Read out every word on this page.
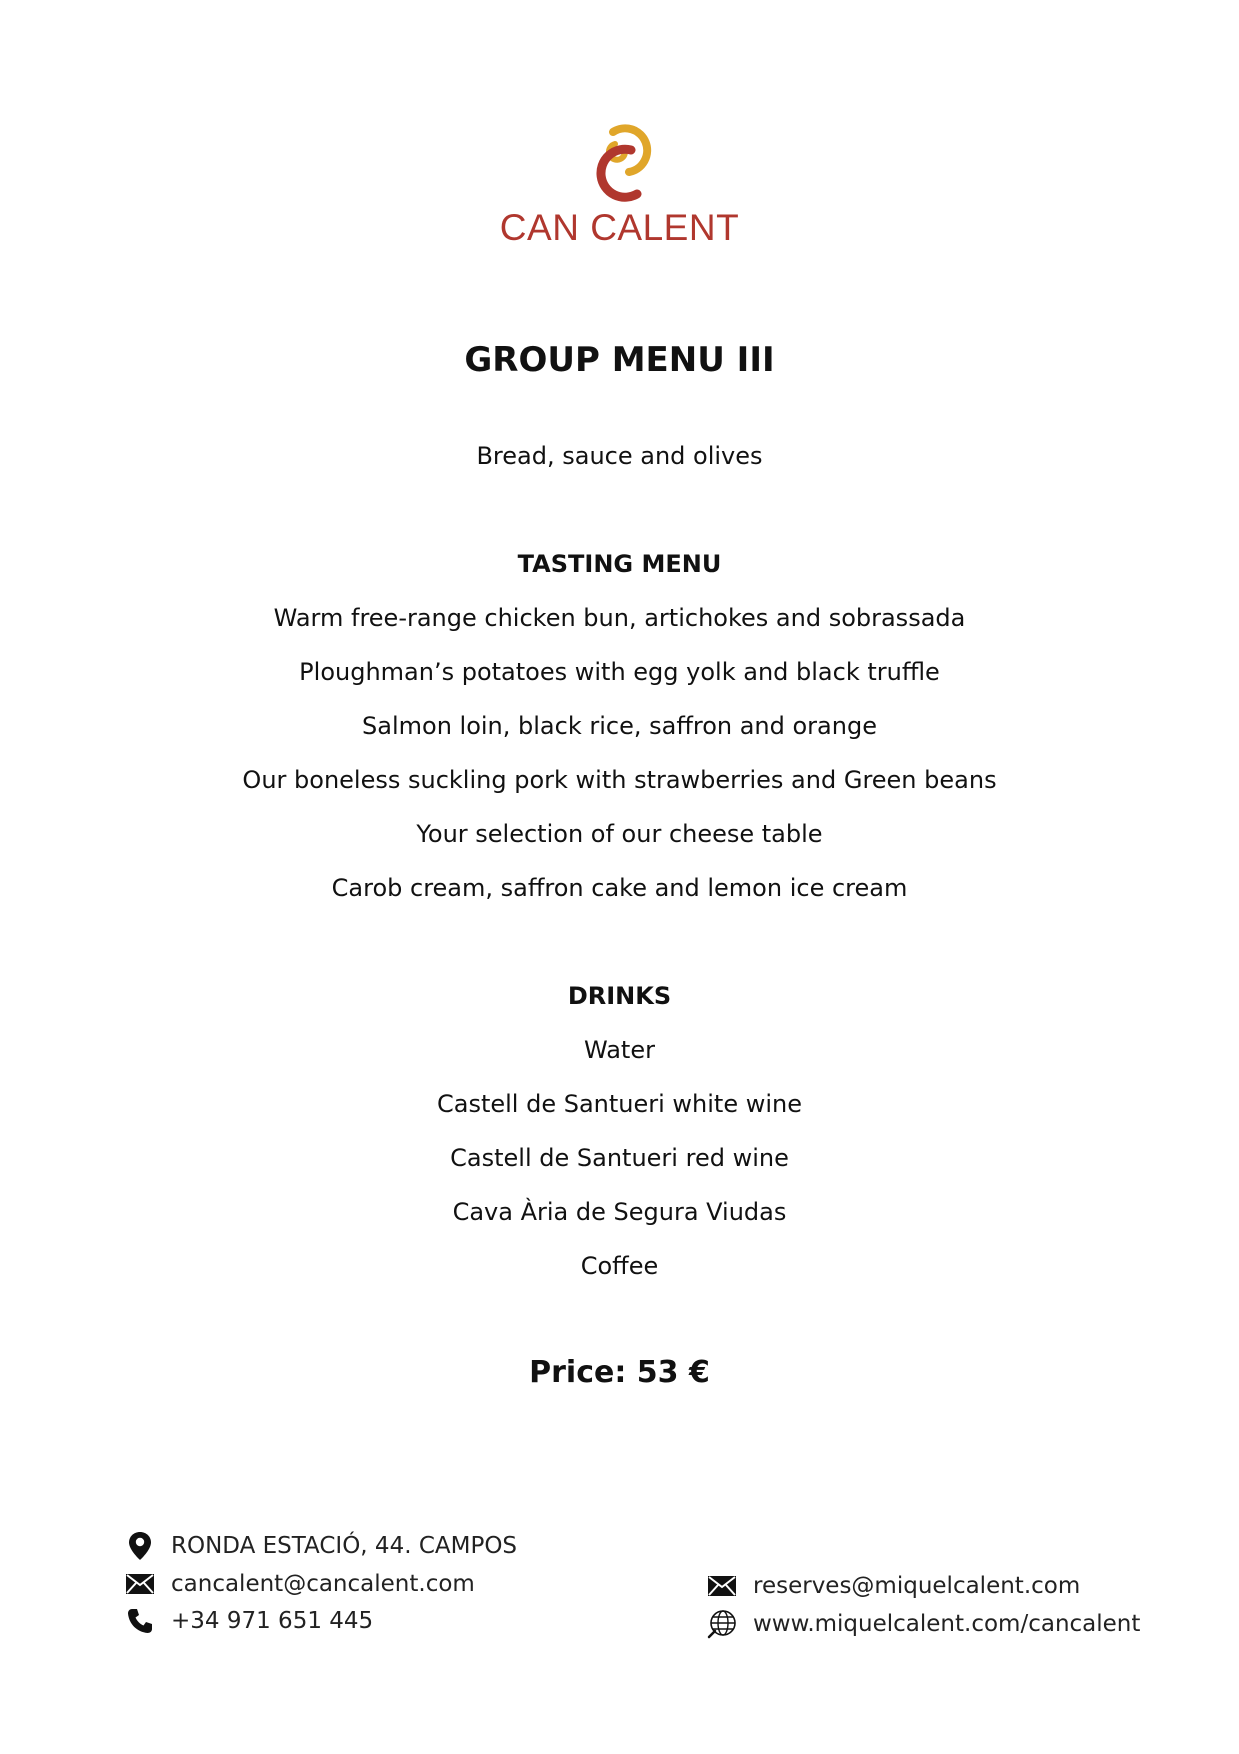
CAN CALENT
GROUP MENU III
Bread, sauce and olives
TASTING MENU
Warm free-range chicken bun, artichokes and sobrassada
Ploughman’s potatoes with egg yolk and black truffle
Salmon loin, black rice, saffron and orange
Our boneless suckling pork with strawberries and Green beans
Your selection of our cheese table
Carob cream, saffron cake and lemon ice cream
DRINKS
Water
Castell de Santueri white wine
Castell de Santueri red wine
Cava Ària de Segura Viudas
Coffee
Price: 53 €
RONDA ESTACIÓ, 44. CAMPOS
cancalent@cancalent.com
+34 971 651 445
reserves@miquelcalent.com
www.miquelcalent.com/cancalent
